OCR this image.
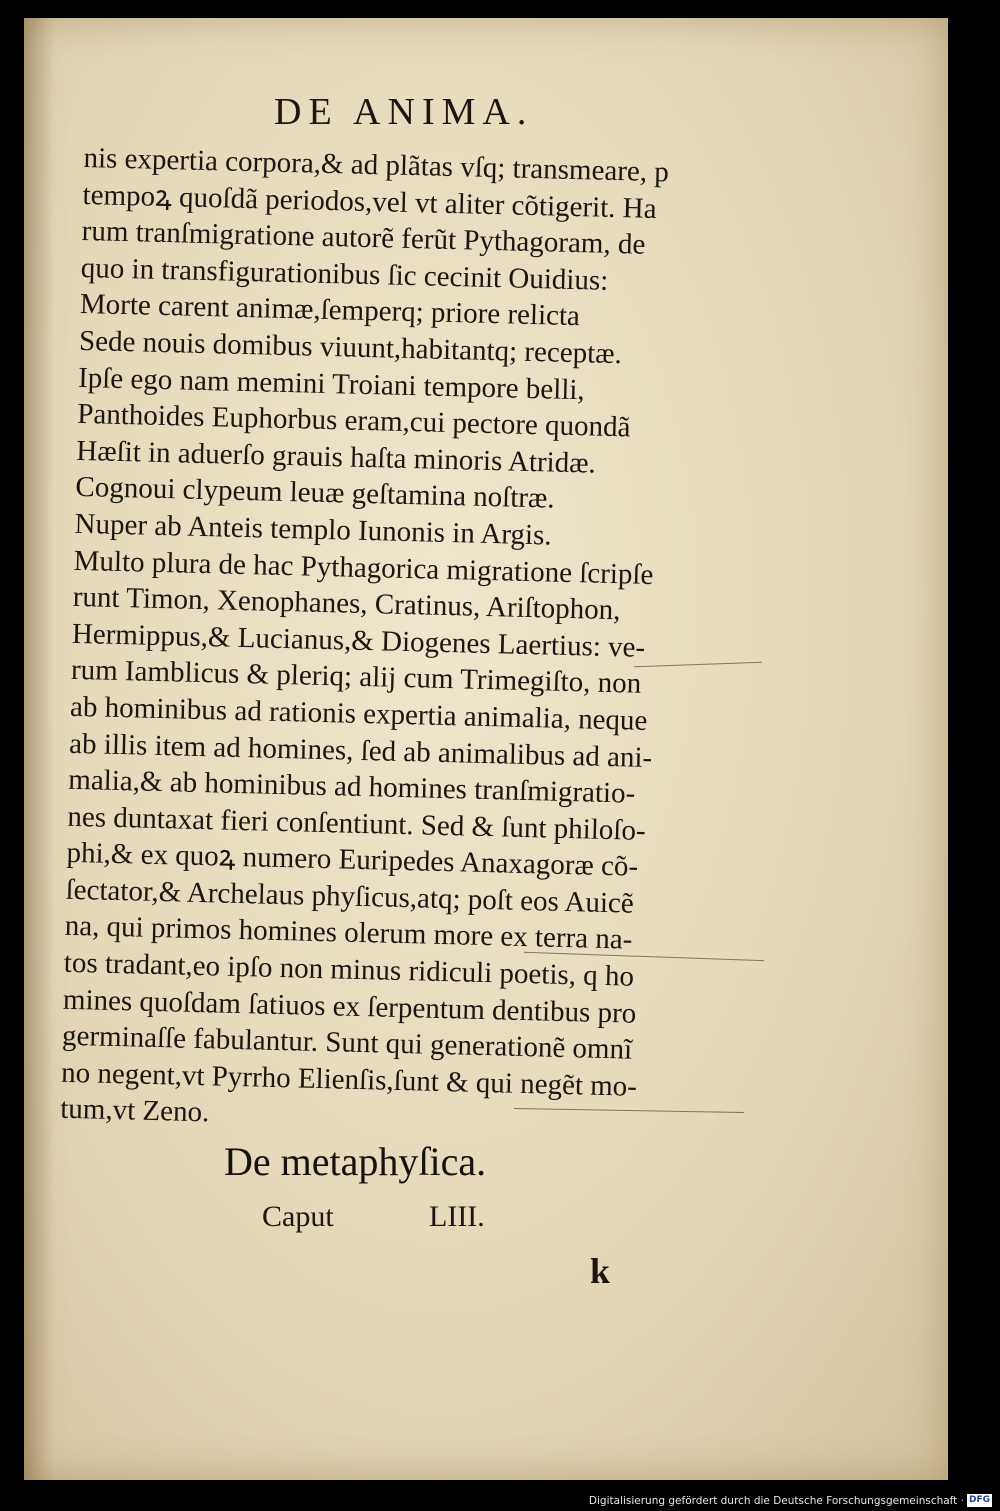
DE ANIMA.
nis expertia corpora,& ad plãtas vſq; transmeare, p
tempoꝝ quoſdã periodos,vel vt aliter cõtigerit. Ha
rum tranſmigratione autorẽ ferũt Pythagoram, de
quo in transfigurationibus ſic cecinit Ouidius:
Morte carent animæ,ſemperq; priore relicta
Sede nouis domibus viuunt,habitantq; receptæ.
Ipſe ego nam memini Troiani tempore belli,
Panthoides Euphorbus eram,cui pectore quondã
Hæſit in aduerſo grauis haſta minoris Atridæ.
Cognoui clypeum leuæ geſtamina noſtræ.
Nuper ab Anteis templo Iunonis in Argis.
Multo plura de hac Pythagorica migratione ſcripſe
runt Timon, Xenophanes, Cratinus, Ariſtophon,
Hermippus,& Lucianus,& Diogenes Laertius: ve-
rum Iamblicus & pleriq; alij cum Trimegiſto, non
ab hominibus ad rationis expertia animalia, neque
ab illis item ad homines, ſed ab animalibus ad ani-
malia,& ab hominibus ad homines tranſmigratio-
nes duntaxat fieri conſentiunt. Sed & ſunt philoſo-
phi,& ex quoꝝ numero Euripedes Anaxagoræ cõ-
ſectator,& Archelaus phyſicus,atq; poſt eos Auicẽ
na, qui primos homines olerum more ex terra na-
tos tradant,eo ipſo non minus ridiculi poetis, q ho
mines quoſdam ſatiuos ex ſerpentum dentibus pro
germinaſſe fabulantur. Sunt qui generationẽ omnĩ
no negent,vt Pyrrho Elienſis,ſunt & qui negẽt mo-
tum,vt Zeno.
De metaphyſica.
Caput	LIII.
k
Digitalisierung gefördert durch die Deutsche Forschungsgemeinschaft · DFG
